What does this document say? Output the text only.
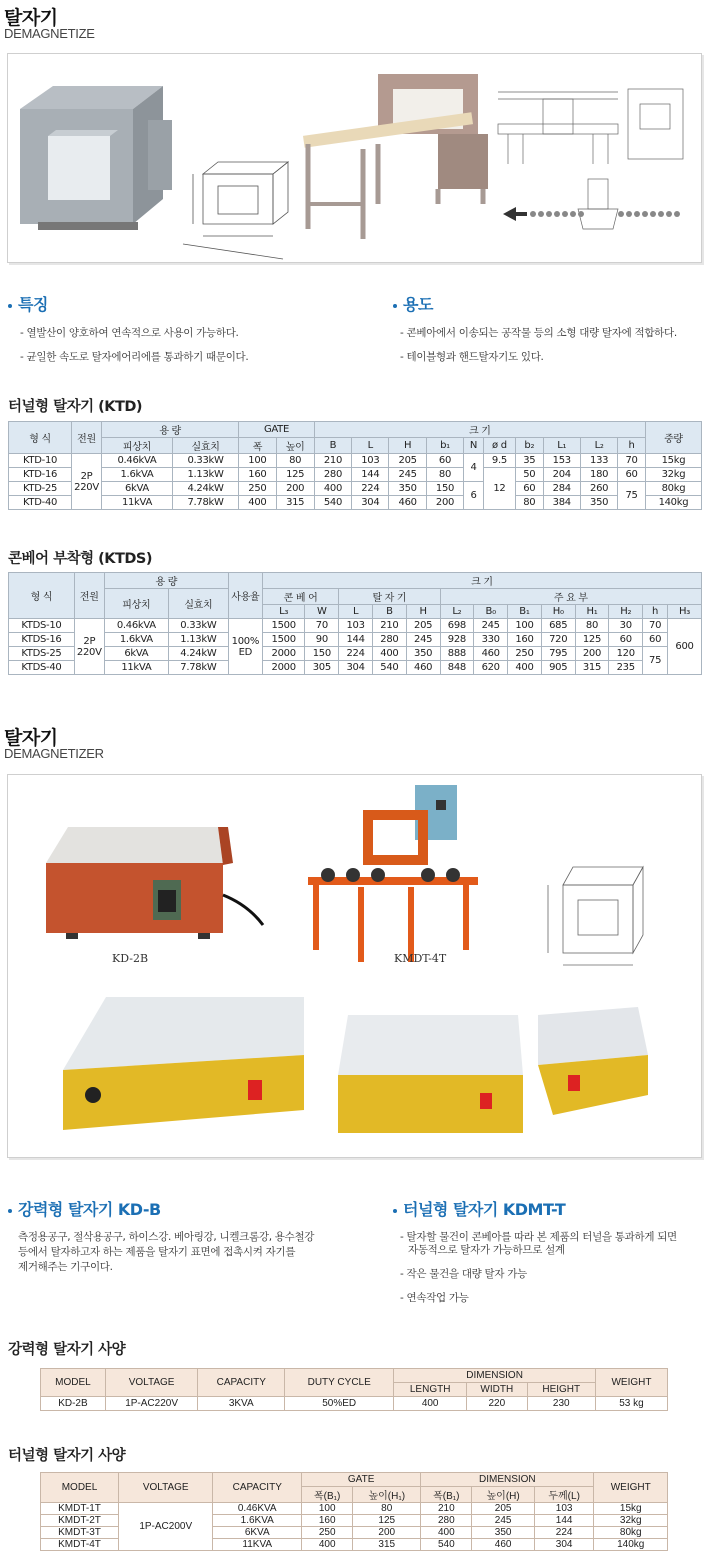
탈자기
DEMAGNETIZE
특징
- 열발산이 양호하여 연속적으로 사용이 가능하다.
- 균일한 속도로 탈자에어리에를 통과하기 때문이다.
용도
- 콘베아에서 이송되는 공작물 등의 소형 대량 탈자에 적합하다.
- 테이블형과 핸드탈자기도 있다.
터널형 탈자기 (KTD)
형 식	전원	용 량		GATE		크 기										중량
		피상치	실효치	폭	높이	B	L	H	b₁	N	ø d	b₂	L₁	L₂	h	
KTD-10	2P 220V	0.46kVA	0.33kW	100	80	210	103	205	60	4	9.5	35	153	133	70	15kg
KTD-16		1.6kVA	1.13kW	160	125	280	144	245	80		12	50	204	180	60	32kg
KTD-25		6kVA	4.24kW	250	200	400	224	350	150	6		60	284	260	75	80kg
KTD-40		11kVA	7.78kW	400	315	540	304	460	200			80	384	350		140kg
콘베어 부착형 (KTDS)
형 식	전원	용 량		사용율	크 기												
		피상치	실효치		콘 베 어		탈 자 기			주 요 부							
					L₃	W	L	B	H	L₂	B₀	B₁	H₀	H₁	H₂	h	H₃
KTDS-10	2P 220V	0.46kVA	0.33kW	100% ED	1500	70	103	210	205	698	245	100	685	80	30	70	600
KTDS-16		1.6kVA	1.13kW		1500	90	144	280	245	928	330	160	720	125	60	60	
KTDS-25		6kVA	4.24kW		2000	150	224	400	350	888	460	250	795	200	120	75	
KTDS-40		11kVA	7.78kW		2000	305	304	540	460	848	620	400	905	315	235		
탈자기
DEMAGNETIZER
KD-2B	KMDT-4T
강력형 탈자기 KD-B
측정용공구, 절삭용공구, 하이스강. 베아링강, 니켈크롬강, 용수철강
등에서 탈자하고자 하는 제품을 탈자기 표면에 접촉시켜 자기를
제거해주는 기구이다.
터널형 탈자기 KDMT-T
- 탈자할 물건이 콘베아를 따라 본 제품의 터널을 통과하게 되면
자동적으로 탈자가 가능하므로 설계
- 작은 물건을 대량 탈자 가능
- 연속작업 가능
강력형 탈자기 사양
MODEL	VOLTAGE	CAPACITY	DUTY CYCLE	DIMENSION			WEIGHT
				LENGTH	WIDTH	HEIGHT	
KD-2B	1P-AC220V	3KVA	50%ED	400	220	230	53 kg
터널형 탈자기 사양
MODEL	VOLTAGE	CAPACITY	GATE		DIMENSION			WEIGHT
			폭(B₁)	높이(H₁)	폭(B₁)	높이(H)	두께(L)	
KMDT-1T	1P-AC200V	0.46KVA	100	80	210	205	103	15kg
KMDT-2T		1.6KVA	160	125	280	245	144	32kg
KMDT-3T		6KVA	250	200	400	350	224	80kg
KMDT-4T		11KVA	400	315	540	460	304	140kg
